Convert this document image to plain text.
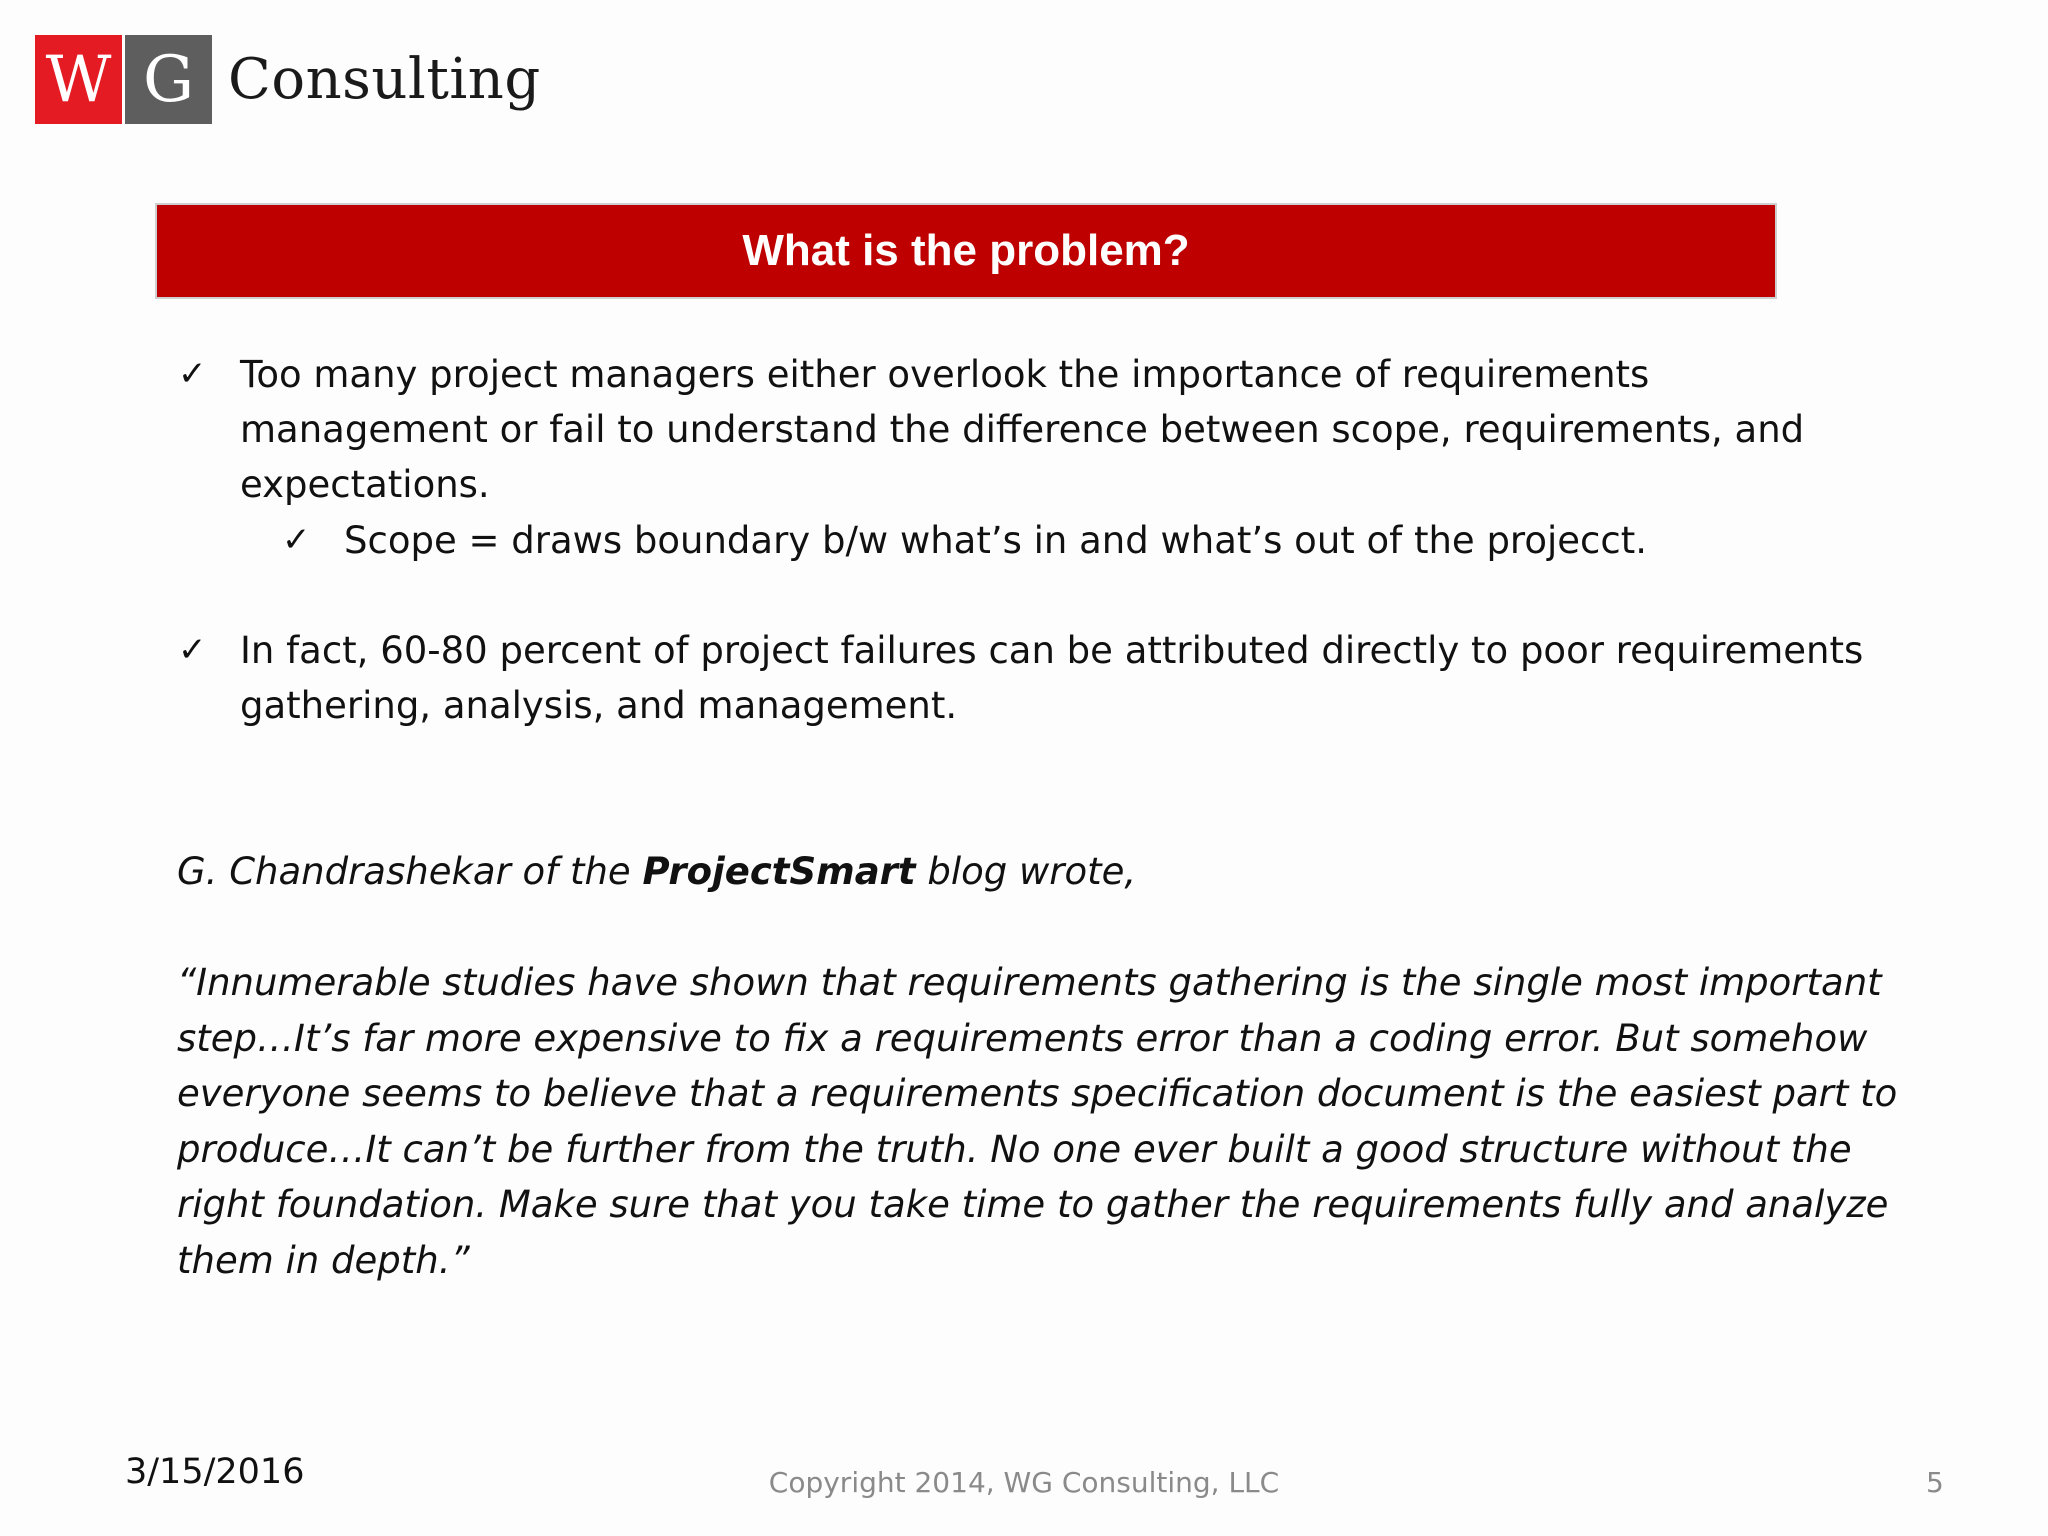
W G Consulting
What is the problem?
✓ Too many project managers either overlook the importance of requirements
management or fail to understand the difference between scope, requirements, and
expectations.
✓ Scope = draws boundary b/w what’s in and what’s out of the projecct.
✓ In fact, 60-80 percent of project failures can be attributed directly to poor requirements
gathering, analysis, and management.
G. Chandrashekar of the ProjectSmart blog wrote,
“Innumerable studies have shown that requirements gathering is the single most important
step…It’s far more expensive to fix a requirements error than a coding error. But somehow
everyone seems to believe that a requirements specification document is the easiest part to
produce…It can’t be further from the truth. No one ever built a good structure without the
right foundation. Make sure that you take time to gather the requirements fully and analyze
them in depth.”
3/15/2016	Copyright 2014, WG Consulting, LLC	5
